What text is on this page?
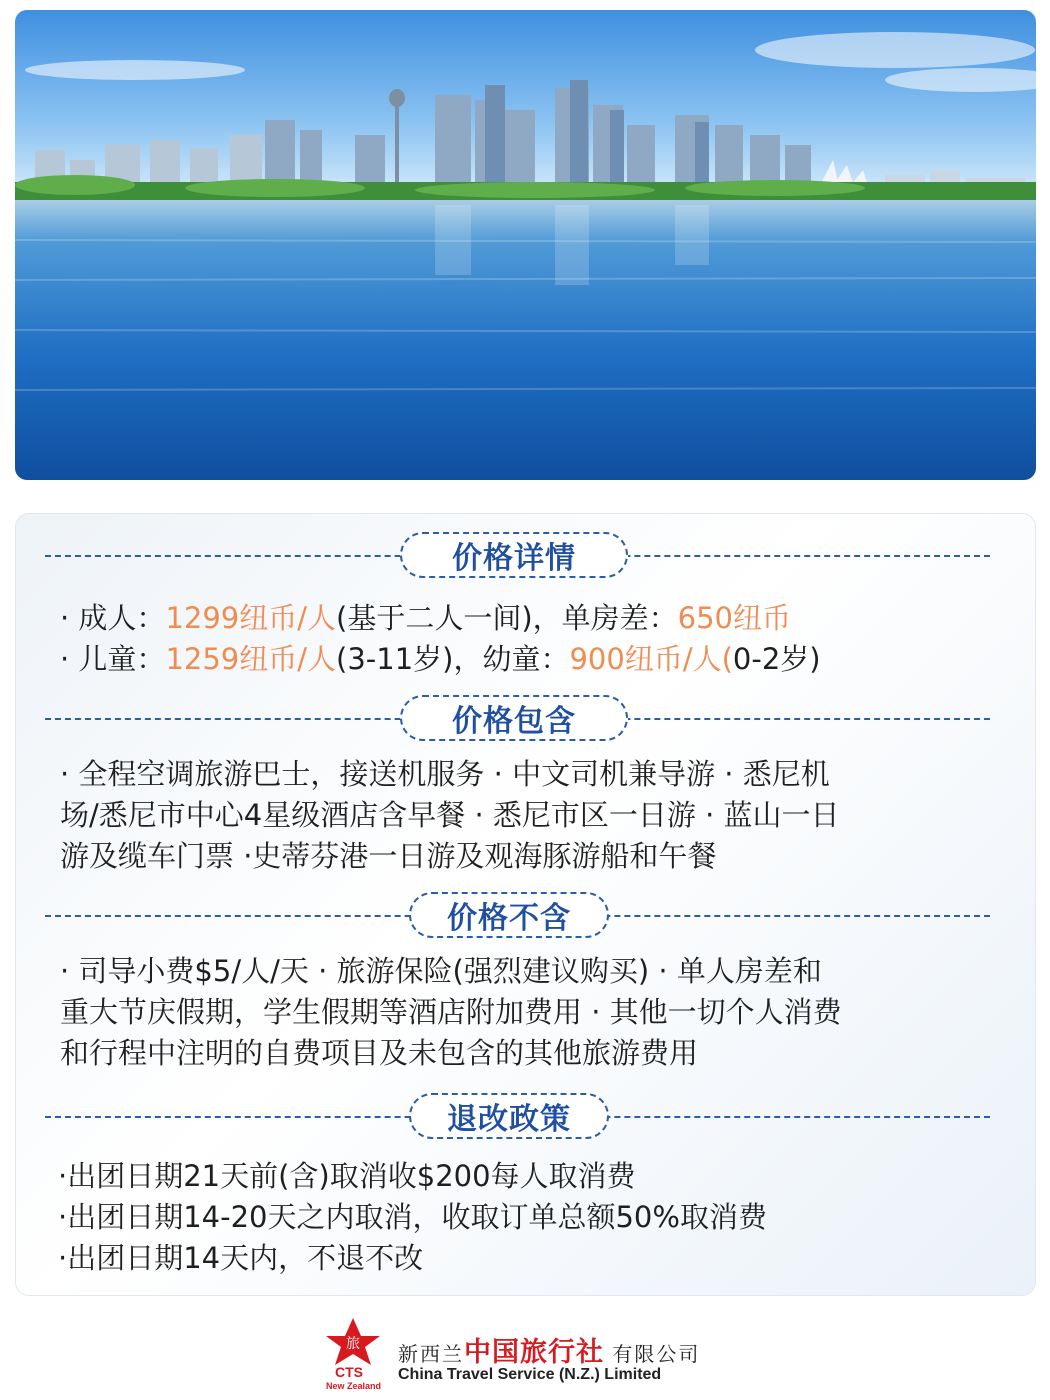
价格详情
· 成人：1299纽币/人(基于二人一间)，单房差：650纽币
· 儿童：1259纽币/人(3-11岁)，幼童：900纽币/人(0-2岁)
价格包含
· 全程空调旅游巴士，接送机服务 · 中文司机兼导游 · 悉尼机
场/悉尼市中心4星级酒店含早餐 · 悉尼市区一日游 · 蓝山一日
游及缆车门票 ·史蒂芬港一日游及观海豚游船和午餐
价格不含
· 司导小费$5/人/天 · 旅游保险(强烈建议购买) · 单人房差和
重大节庆假期，学生假期等酒店附加费用 · 其他一切个人消费
和行程中注明的自费项目及未包含的其他旅游费用
退改政策
·出团日期21天前(含)取消收$200每人取消费
·出团日期14-20天之内取消，收取订单总额50%取消费
·出团日期14天内，不退不改
旅
CTS
New Zealand
新西兰中国旅行社 有限公司
China Travel Service (N.Z.) Limited
